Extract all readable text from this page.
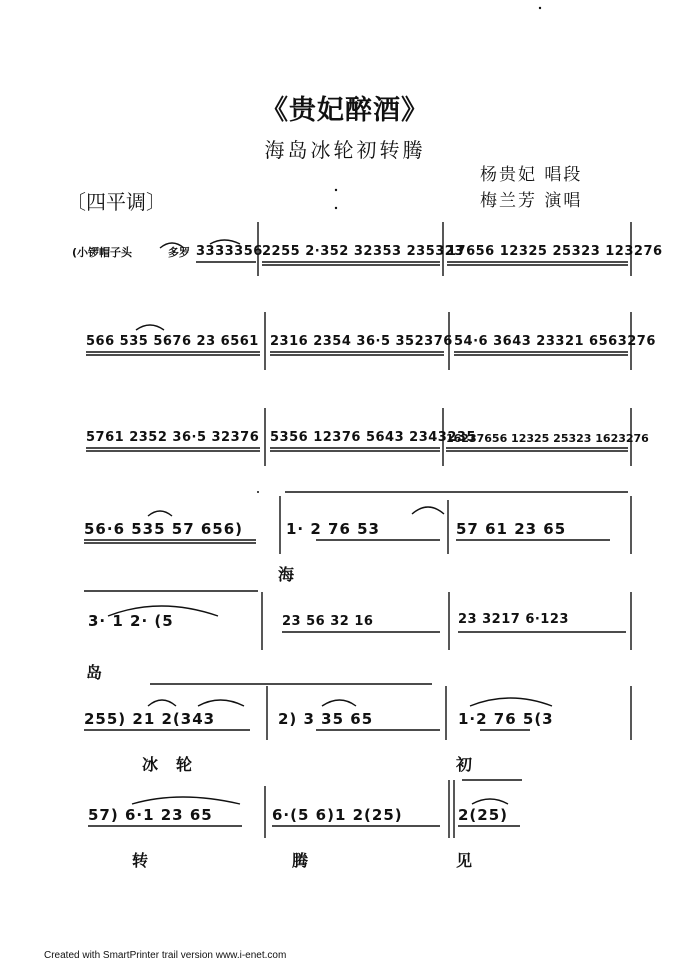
《贵妃醉酒》
海岛冰轮初转腾
杨贵妃 唱段
梅兰芳 演唱
〔四平调〕
(小锣帽子头	多罗 3333356 2255 2·352 32353 235323
17656 12325 25323 123276
566 535 5676 23 6561 2316 2354 36·5 352376 54·6 3643 23321 6563276
5761 2352 36·5 32376 5356 12376 5643 2343235
16237656 12325 25323 1623276
56·6 535 57 656)	1· 2 76 53	57 61 23 65
海
3· 1 2· (5	23 56 32 16	23 3217 6·123
岛
255) 21 2(343	2) 3 35 65	1·2 76 5(3
冰 轮	初
57) 6·1 23 65	6·(5 6)1 2(25)	2(25)
转	腾	见
Created with SmartPrinter trail version www.i-enet.com
